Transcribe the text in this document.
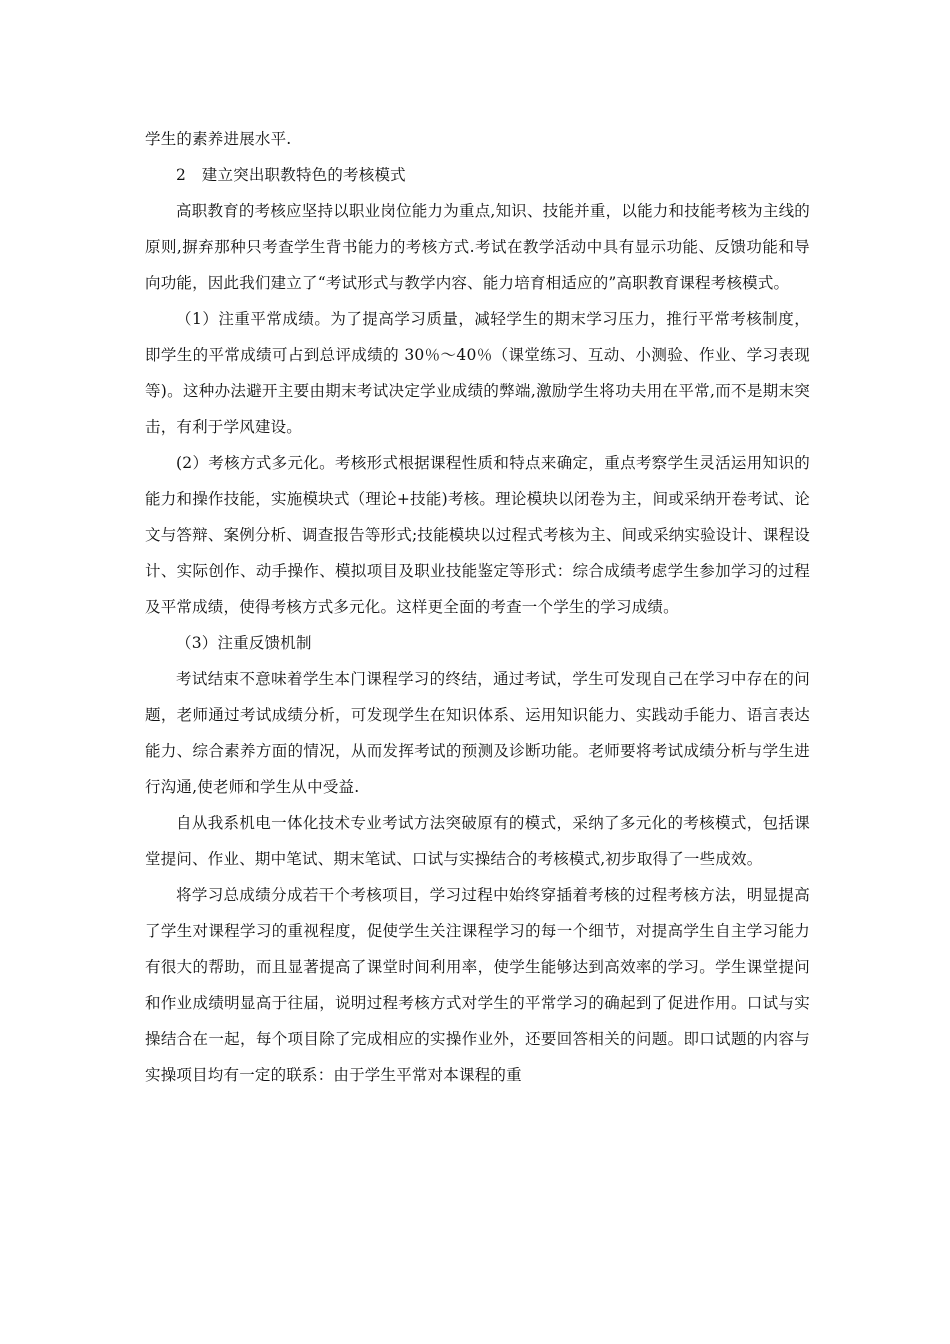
学生的素养进展水平.

2　建立突出职教特色的考核模式

高职教育的考核应坚持以职业岗位能力为重点,知识、技能并重，以能力和技能考核为主线的原则,摒弃那种只考查学生背书能力的考核方式.考试在教学活动中具有显示功能、反馈功能和导向功能，因此我们建立了“考试形式与教学内容、能力培育相适应的”高职教育课程考核模式。

（1）注重平常成绩。为了提高学习质量，减轻学生的期末学习压力，推行平常考核制度，即学生的平常成绩可占到总评成绩的 30％～40％（课堂练习、互动、小测验、作业、学习表现等)。这种办法避开主要由期末考试决定学业成绩的弊端,激励学生将功夫用在平常,而不是期末突击，有利于学风建设。

(2）考核方式多元化。考核形式根据课程性质和特点来确定，重点考察学生灵活运用知识的能力和操作技能，实施模块式（理论+技能)考核。理论模块以闭卷为主，间或采纳开卷考试、论文与答辩、案例分析、调查报告等形式;技能模块以过程式考核为主、间或采纳实验设计、课程设计、实际创作、动手操作、模拟项目及职业技能鉴定等形式：综合成绩考虑学生参加学习的过程及平常成绩，使得考核方式多元化。这样更全面的考查一个学生的学习成绩。

（3）注重反馈机制

考试结束不意味着学生本门课程学习的终结，通过考试，学生可发现自己在学习中存在的问题，老师通过考试成绩分析，可发现学生在知识体系、运用知识能力、实践动手能力、语言表达能力、综合素养方面的情况，从而发挥考试的预测及诊断功能。老师要将考试成绩分析与学生进行沟通,使老师和学生从中受益.

自从我系机电一体化技术专业考试方法突破原有的模式，采纳了多元化的考核模式，包括课堂提问、作业、期中笔试、期末笔试、口试与实操结合的考核模式,初步取得了一些成效。

将学习总成绩分成若干个考核项目，学习过程中始终穿插着考核的过程考核方法，明显提高了学生对课程学习的重视程度，促使学生关注课程学习的每一个细节，对提高学生自主学习能力有很大的帮助，而且显著提高了课堂时间利用率，使学生能够达到高效率的学习。学生课堂提问和作业成绩明显高于往届，说明过程考核方式对学生的平常学习的确起到了促进作用。口试与实操结合在一起，每个项目除了完成相应的实操作业外，还要回答相关的问题。即口试题的内容与实操项目均有一定的联系：由于学生平常对本课程的重
